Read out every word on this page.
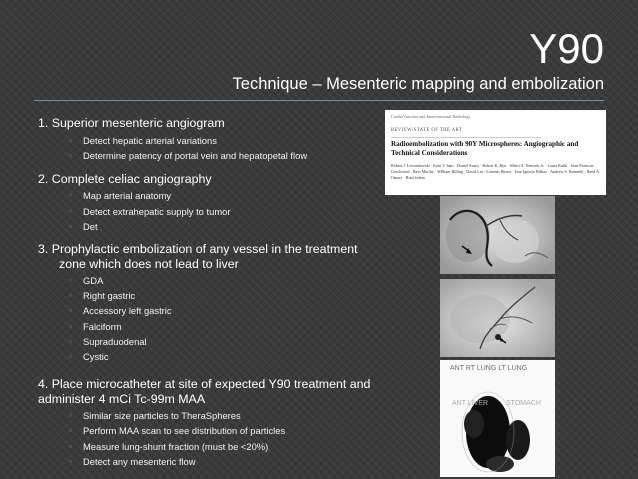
Y90
Technique – Mesenteric mapping and embolization
1. Superior mesenteric angiogram
▫ Detect hepatic arterial variations
▫ Determine patency of portal vein and hepatopetal flow
2. Complete celiac angiography
▫ Map arterial anatomy
▫ Detect extrahepatic supply to tumor
▫ Det
3. Prophylactic embolization of any vessel in the treatment zone which does not lead to liver
▫ GDA
▫ Right gastric
▫ Accessory left gastric
▫ Falciform
▫ Supraduodenal
▫ Cystic
4. Place microcatheter at site of expected Y90 treatment and administer 4 mCi Tc-99m MAA
▫ Similar size particles to TheraSpheres
▫ Perform MAA scan to see distribution of particles
▫ Measure lung-shunt fraction (must be <20%)
▫ Detect any mesenteric flow
CardioVascular and Interventional Radiology
REVIEW/STATE OF THE ART
Radioembolization with 90Y Microspheres: Angiographic and Technical Considerations
Robert J. Lewandowski · Kent T. Sato · Daniel Atassi · Robert K. Ryu · Albert A. Nemcek Jr. · Laura Kulik · Jean-Francois Geschwind · Ravi Murthy · William Rilling · David Liu · Lourens Bester · Jose Ignacio Bilbao · Andrew S. Kennedy · Reed A. Omary · Riad Salem
ANT RT LUNG LT LUNG
ANT LIVER	STOMACH
